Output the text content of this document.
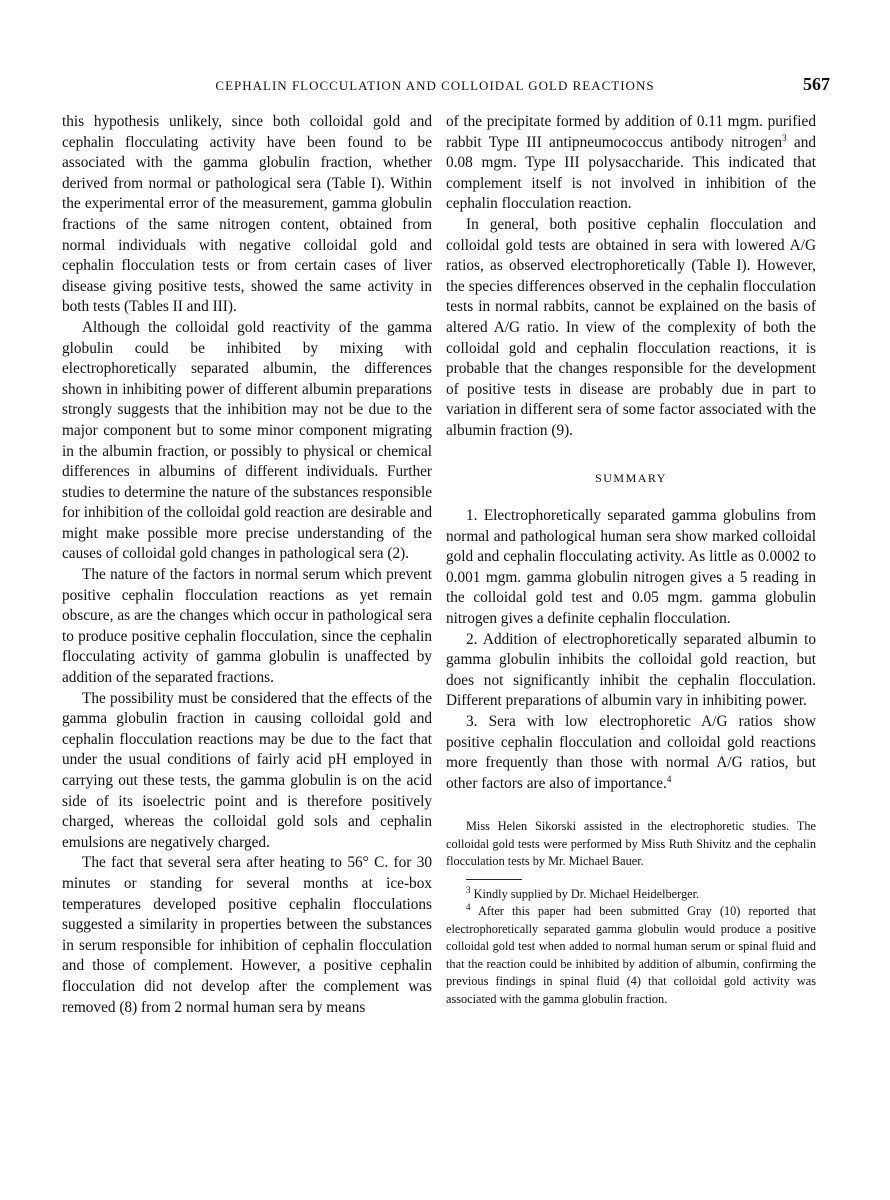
CEPHALIN FLOCCULATION AND COLLOIDAL GOLD REACTIONS	567

this hypothesis unlikely, since both colloidal gold and cephalin flocculating activity have been found to be associated with the gamma globulin fraction, whether derived from normal or pathological sera (Table I). Within the experimental error of the measurement, gamma globulin fractions of the same nitrogen content, obtained from normal individuals with negative colloidal gold and cephalin flocculation tests or from certain cases of liver disease giving positive tests, showed the same activity in both tests (Tables II and III).

Although the colloidal gold reactivity of the gamma globulin could be inhibited by mixing with electrophoretically separated albumin, the differences shown in inhibiting power of different albumin preparations strongly suggests that the inhibition may not be due to the major component but to some minor component migrating in the albumin fraction, or possibly to physical or chemical differences in albumins of different individuals. Further studies to determine the nature of the substances responsible for inhibition of the colloidal gold reaction are desirable and might make possible more precise understanding of the causes of colloidal gold changes in pathological sera (2).

The nature of the factors in normal serum which prevent positive cephalin flocculation reactions as yet remain obscure, as are the changes which occur in pathological sera to produce positive cephalin flocculation, since the cephalin flocculating activity of gamma globulin is unaffected by addition of the separated fractions.

The possibility must be considered that the effects of the gamma globulin fraction in causing colloidal gold and cephalin flocculation reactions may be due to the fact that under the usual conditions of fairly acid pH employed in carrying out these tests, the gamma globulin is on the acid side of its isoelectric point and is therefore positively charged, whereas the colloidal gold sols and cephalin emulsions are negatively charged.

The fact that several sera after heating to 56° C. for 30 minutes or standing for several months at ice-box temperatures developed positive cephalin flocculations suggested a similarity in properties between the substances in serum responsible for inhibition of cephalin flocculation and those of complement. However, a positive cephalin flocculation did not develop after the complement was removed (8) from 2 normal human sera by means

of the precipitate formed by addition of 0.11 mgm. purified rabbit Type III antipneumococcus antibody nitrogen$^3$ and 0.08 mgm. Type III polysaccharide. This indicated that complement itself is not involved in inhibition of the cephalin flocculation reaction.

In general, both positive cephalin flocculation and colloidal gold tests are obtained in sera with lowered A/G ratios, as observed electrophoretically (Table I). However, the species differences observed in the cephalin flocculation tests in normal rabbits, cannot be explained on the basis of altered A/G ratio. In view of the complexity of both the colloidal gold and cephalin flocculation reactions, it is probable that the changes responsible for the development of positive tests in disease are probably due in part to variation in different sera of some factor associated with the albumin fraction (9).

SUMMARY

1. Electrophoretically separated gamma globulins from normal and pathological human sera show marked colloidal gold and cephalin flocculating activity. As little as 0.0002 to 0.001 mgm. gamma globulin nitrogen gives a 5 reading in the colloidal gold test and 0.05 mgm. gamma globulin nitrogen gives a definite cephalin flocculation.

2. Addition of electrophoretically separated albumin to gamma globulin inhibits the colloidal gold reaction, but does not significantly inhibit the cephalin flocculation. Different preparations of albumin vary in inhibiting power.

3. Sera with low electrophoretic A/G ratios show positive cephalin flocculation and colloidal gold reactions more frequently than those with normal A/G ratios, but other factors are also of importance.$^4$

Miss Helen Sikorski assisted in the electrophoretic studies. The colloidal gold tests were performed by Miss Ruth Shivitz and the cephalin flocculation tests by Mr. Michael Bauer.

$^3$ Kindly supplied by Dr. Michael Heidelberger.

$^4$ After this paper had been submitted Gray (10) reported that electrophoretically separated gamma globulin would produce a positive colloidal gold test when added to normal human serum or spinal fluid and that the reaction could be inhibited by addition of albumin, confirming the previous findings in spinal fluid (4) that colloidal gold activity was associated with the gamma globulin fraction.
